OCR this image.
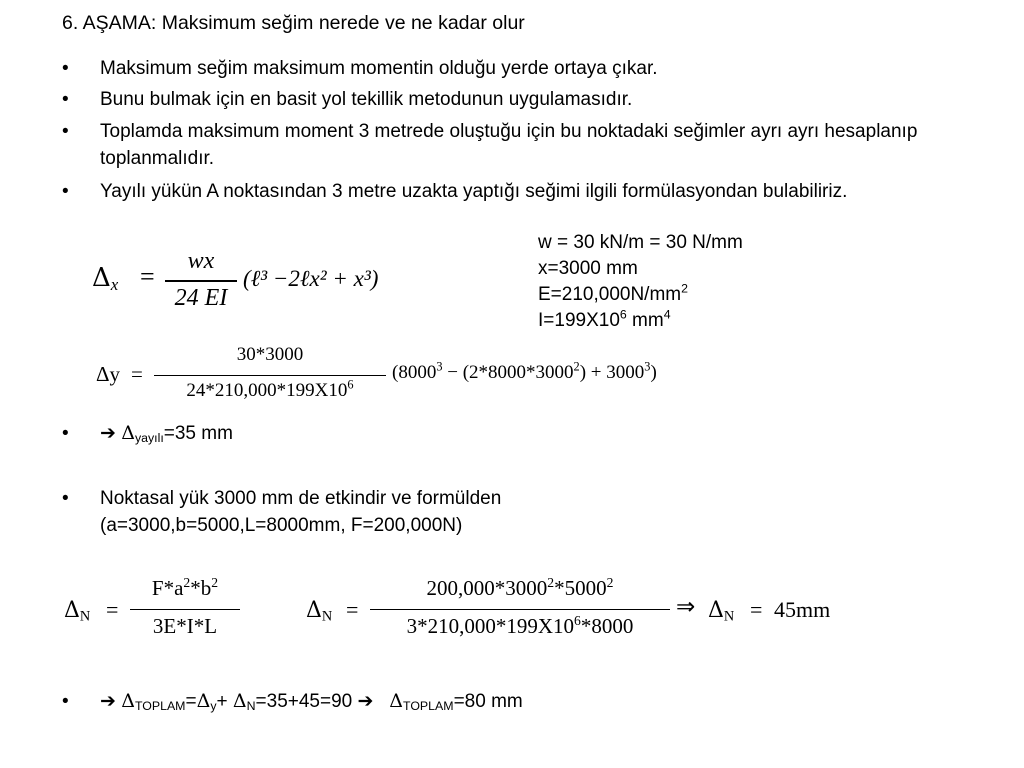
6. AŞAMA: Maksimum seğim nerede ve ne kadar olur
• Maksimum seğim maksimum momentin olduğu yerde ortaya çıkar.
• Bunu bulmak için en basit yol tekillik metodunun uygulamasıdır.
• Toplamda maksimum moment 3 metrede oluştuğu için bu noktadaki seğimler ayrı ayrı hesaplanıp toplanmalıdır.
• Yayılı yükün A noktasından 3 metre uzakta yaptığı seğimi ilgili formülasyondan bulabiliriz.
w = 30 kN/m = 30 N/mm
x=3000 mm
$E=210,000N/mm^2$
$I=199X10^6$ $mm^4$
$\Delta_x$ =
wx
24 EI
(ℓ³ −2ℓx² + x³)
Δy =
30*3000
$24*210,000*199X10^6$
$(8000^3 - (2*8000*3000^2) + 3000^3)$
• ➔ $\Delta_{yayılı}=35$ mm
• Noktasal yük 3000 mm de etkindir ve formülden
(a=3000,b=5000,L=8000mm, F=200,000N)
$\Delta_N$ =
$F*a^2*b^2$
3E*I*L
$\Delta_N$ =
$200,000*3000^2*5000^2$
$3*210,000*199X10^6*8000$
⇒ $\Delta_N = 45mm$
• ➔ $\Delta_{TOPLAM}=\Delta_y+ \Delta_N=35+45=90$ ➔ $\Delta_{TOPLAM}=80$ mm
